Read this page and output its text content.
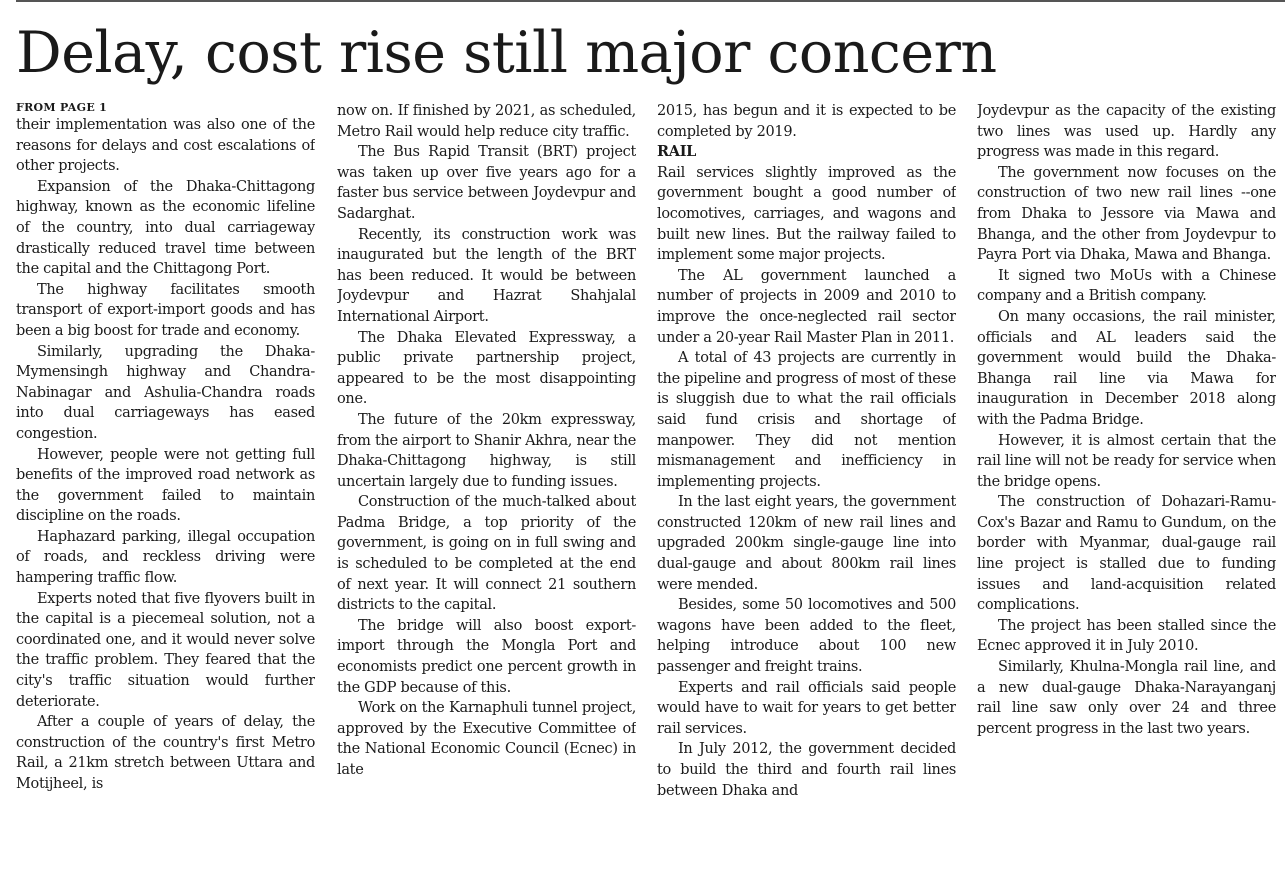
Delay, cost rise still major concern
FROM PAGE 1

their implementation was also one of the reasons for delays and cost escalations of other projects.

Expansion of the Dhaka-Chittagong highway, known as the economic lifeline of the country, into dual carriageway drastically reduced travel time between the capital and the Chittagong Port.

The highway facilitates smooth transport of export-import goods and has been a big boost for trade and economy.

Similarly, upgrading the Dhaka-Mymensingh highway and Chandra-Nabinagar and Ashulia-Chandra roads into dual carriageways has eased congestion.

However, people were not getting full benefits of the improved road network as the government failed to maintain discipline on the roads.

Haphazard parking, illegal occupation of roads, and reckless driving were hampering traffic flow.

Experts noted that five flyovers built in the capital is a piecemeal solution, not a coordinated one, and it would never solve the traffic problem. They feared that the city's traffic situation would further deteriorate.

After a couple of years of delay, the construction of the country's first Metro Rail, a 21km stretch between Uttara and Motijheel, is

now on. If finished by 2021, as scheduled, Metro Rail would help reduce city traffic.

The Bus Rapid Transit (BRT) project was taken up over five years ago for a faster bus service between Joydevpur and Sadarghat.

Recently, its construction work was inaugurated but the length of the BRT has been reduced. It would be between Joydevpur and Hazrat Shahjalal International Airport.

The Dhaka Elevated Expressway, a public private partnership project, appeared to be the most disappointing one.

The future of the 20km expressway, from the airport to Shanir Akhra, near the Dhaka-Chittagong highway, is still uncertain largely due to funding issues.

Construction of the much-talked about Padma Bridge, a top priority of the government, is going on in full swing and is scheduled to be completed at the end of next year. It will connect 21 southern districts to the capital.

The bridge will also boost export-import through the Mongla Port and economists predict one percent growth in the GDP because of this.

Work on the Karnaphuli tunnel project, approved by the Executive Committee of the National Economic Council (Ecnec) in late

2015, has begun and it is expected to be completed by 2019.

RAIL

Rail services slightly improved as the government bought a good number of locomotives, carriages, and wagons and built new lines. But the railway failed to implement some major projects.

The AL government launched a number of projects in 2009 and 2010 to improve the once-neglected rail sector under a 20-year Rail Master Plan in 2011.

A total of 43 projects are currently in the pipeline and progress of most of these is sluggish due to what the rail officials said fund crisis and shortage of manpower. They did not mention mismanagement and inefficiency in implementing projects.

In the last eight years, the government constructed 120km of new rail lines and upgraded 200km single-gauge line into dual-gauge and about 800km rail lines were mended.

Besides, some 50 locomotives and 500 wagons have been added to the fleet, helping introduce about 100 new passenger and freight trains.

Experts and rail officials said people would have to wait for years to get better rail services.

In July 2012, the government decided to build the third and fourth rail lines between Dhaka and

Joydevpur as the capacity of the existing two lines was used up. Hardly any progress was made in this regard.

The government now focuses on the construction of two new rail lines --one from Dhaka to Jessore via Mawa and Bhanga, and the other from Joydevpur to Payra Port via Dhaka, Mawa and Bhanga.

It signed two MoUs with a Chinese company and a British company.

On many occasions, the rail minister, officials and AL leaders said the government would build the Dhaka-Bhanga rail line via Mawa for inauguration in December 2018 along with the Padma Bridge.

However, it is almost certain that the rail line will not be ready for service when the bridge opens.

The construction of Dohazari-Ramu-Cox's Bazar and Ramu to Gundum, on the border with Myanmar, dual-gauge rail line project is stalled due to funding issues and land-acquisition related complications.

The project has been stalled since the Ecnec approved it in July 2010.

Similarly, Khulna-Mongla rail line, and a new dual-gauge Dhaka-Narayanganj rail line saw only over 24 and three percent progress in the last two years.
